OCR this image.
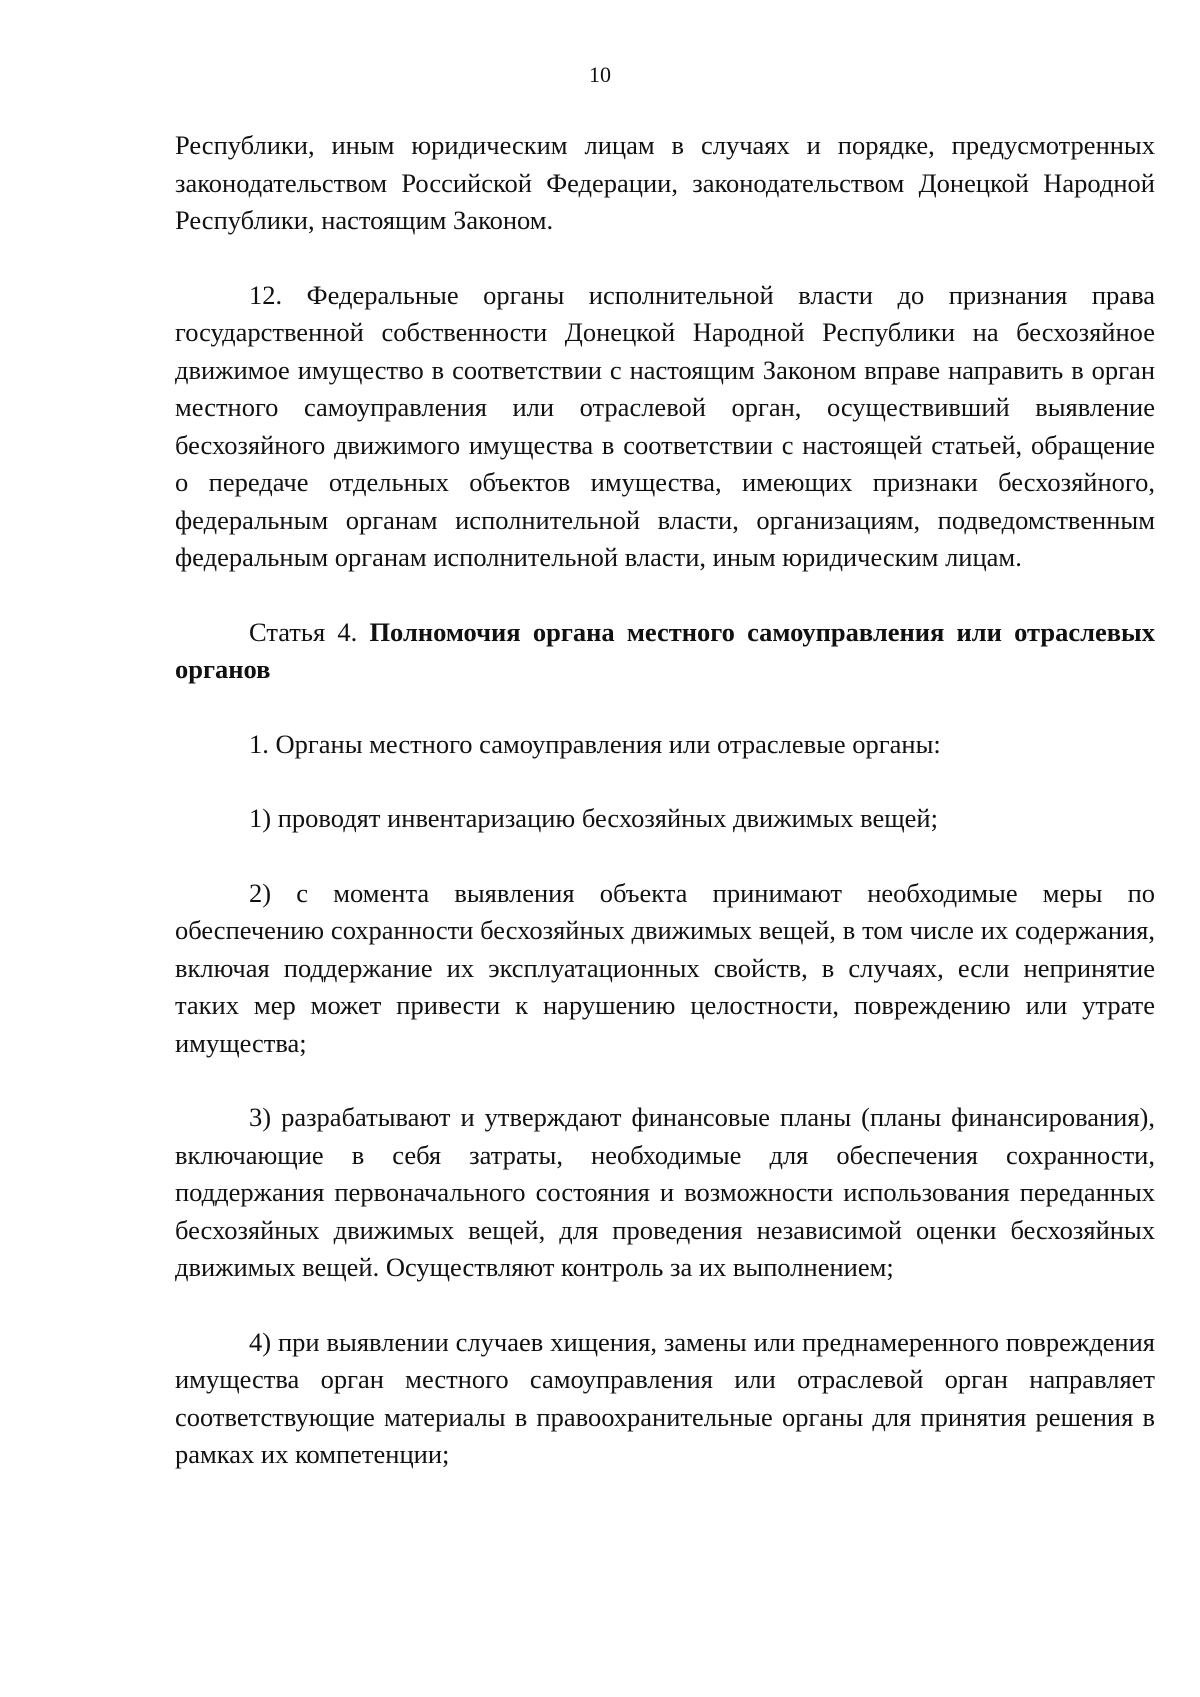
10

Республики, иным юридическим лицам в случаях и порядке, предусмотренных законодательством Российской Федерации, законодательством Донецкой Народной Республики, настоящим Законом.

12. Федеральные органы исполнительной власти до признания права государственной собственности Донецкой Народной Республики на бесхозяйное движимое имущество в соответствии с настоящим Законом вправе направить в орган местного самоуправления или отраслевой орган, осуществивший выявление бесхозяйного движимого имущества в соответствии с настоящей статьей, обращение о передаче отдельных объектов имущества, имеющих признаки бесхозяйного, федеральным органам исполнительной власти, организациям, подведомственным федеральным органам исполнительной власти, иным юридическим лицам.

Статья 4. Полномочия органа местного самоуправления или отраслевых органов

1. Органы местного самоуправления или отраслевые органы:

1) проводят инвентаризацию бесхозяйных движимых вещей;

2) с момента выявления объекта принимают необходимые меры по обеспечению сохранности бесхозяйных движимых вещей, в том числе их содержания, включая поддержание их эксплуатационных свойств, в случаях, если непринятие таких мер может привести к нарушению целостности, повреждению или утрате имущества;

3) разрабатывают и утверждают финансовые планы (планы финансирования), включающие в себя затраты, необходимые для обеспечения сохранности, поддержания первоначального состояния и возможности использования переданных бесхозяйных движимых вещей, для проведения независимой оценки бесхозяйных движимых вещей. Осуществляют контроль за их выполнением;

4) при выявлении случаев хищения, замены или преднамеренного повреждения имущества орган местного самоуправления или отраслевой орган направляет соответствующие материалы в правоохранительные органы для принятия решения в рамках их компетенции;
